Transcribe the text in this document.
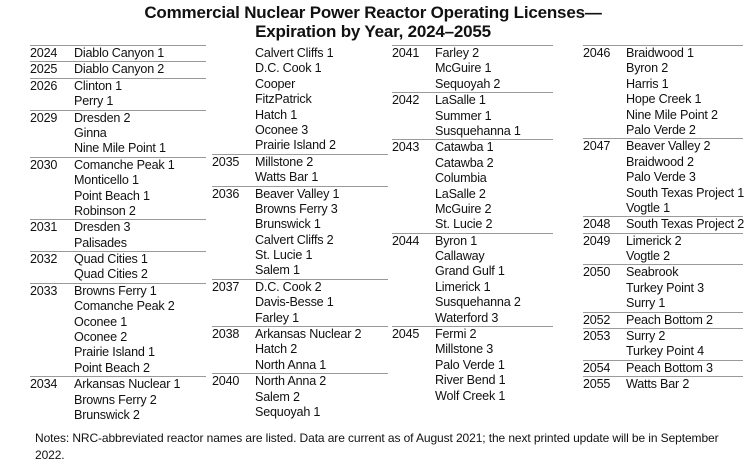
Commercial Nuclear Power Reactor Operating Licenses—
Expiration by Year, 2024–2055
2024	Diablo Canyon 1
2025	Diablo Canyon 2
2026	Clinton 1
Perry 1
2029	Dresden 2
Ginna
Nine Mile Point 1
2030	Comanche Peak 1
Monticello 1
Point Beach 1
Robinson 2
2031	Dresden 3
Palisades
2032	Quad Cities 1
Quad Cities 2
2033	Browns Ferry 1
Comanche Peak 2
Oconee 1
Oconee 2
Prairie Island 1
Point Beach 2
2034	Arkansas Nuclear 1
Browns Ferry 2
Brunswick 2
Calvert Cliffs 1
D.C. Cook 1
Cooper
FitzPatrick
Hatch 1
Oconee 3
Prairie Island 2
2035	Millstone 2
Watts Bar 1
2036	Beaver Valley 1
Browns Ferry 3
Brunswick 1
Calvert Cliffs 2
St. Lucie 1
Salem 1
2037	D.C. Cook 2
Davis-Besse 1
Farley 1
2038	Arkansas Nuclear 2
Hatch 2
North Anna 1
2040	North Anna 2
Salem 2
Sequoyah 1
2041	Farley 2
McGuire 1
Sequoyah 2
2042	LaSalle 1
Summer 1
Susquehanna 1
2043	Catawba 1
Catawba 2
Columbia
LaSalle 2
McGuire 2
St. Lucie 2
2044	Byron 1
Callaway
Grand Gulf 1
Limerick 1
Susquehanna 2
Waterford 3
2045	Fermi 2
Millstone 3
Palo Verde 1
River Bend 1
Wolf Creek 1
2046	Braidwood 1
Byron 2
Harris 1
Hope Creek 1
Nine Mile Point 2
Palo Verde 2
2047	Beaver Valley 2
Braidwood 2
Palo Verde 3
South Texas Project 1
Vogtle 1
2048	South Texas Project 2
2049	Limerick 2
Vogtle 2
2050	Seabrook
Turkey Point 3
Surry 1
2052	Peach Bottom 2
2053	Surry 2
Turkey Point 4
2054	Peach Bottom 3
2055	Watts Bar 2
Notes: NRC-abbreviated reactor names are listed. Data are current as of August 2021; the next printed update will be in September 2022.
